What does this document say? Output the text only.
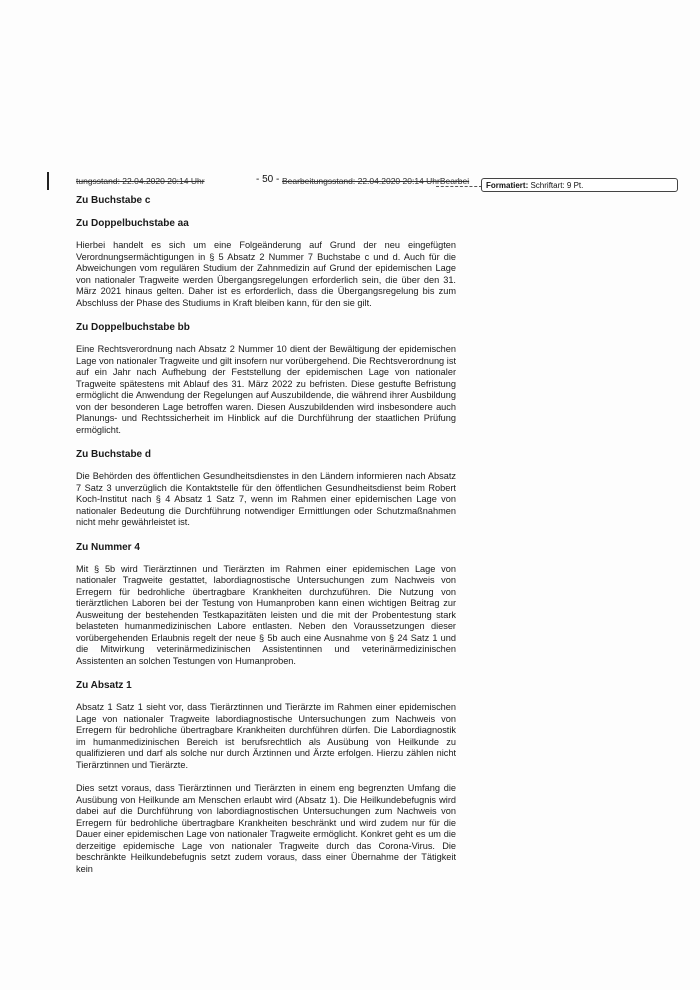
tungsstand: 22.04.2020 20:14 Uhr	- 50 - Bearbeitungsstand: 22.04.2020 20:14 UhrBearbei	Formatiert: Schriftart: 9 Pt.
Zu Buchstabe c
Zu Doppelbuchstabe aa

Hierbei handelt es sich um eine Folgeänderung auf Grund der neu eingefügten Verordnungsermächtigungen in § 5 Absatz 2 Nummer 7 Buchstabe c und d. Auch für die Abweichungen vom regulären Studium der Zahnmedizin auf Grund der epidemischen Lage von nationaler Tragweite werden Übergangsregelungen erforderlich sein, die über den 31. März 2021 hinaus gelten. Daher ist es erforderlich, dass die Übergangsregelung bis zum Abschluss der Phase des Studiums in Kraft bleiben kann, für den sie gilt.

Zu Doppelbuchstabe bb

Eine Rechtsverordnung nach Absatz 2 Nummer 10 dient der Bewältigung der epidemischen Lage von nationaler Tragweite und gilt insofern nur vorübergehend. Die Rechtsverordnung ist auf ein Jahr nach Aufhebung der Feststellung der epidemischen Lage von nationaler Tragweite spätestens mit Ablauf des 31. März 2022 zu befristen. Diese gestufte Befristung ermöglicht die Anwendung der Regelungen auf Auszubildende, die während ihrer Ausbildung von der besonderen Lage betroffen waren. Diesen Auszubildenden wird insbesondere auch Planungs- und Rechtssicherheit im Hinblick auf die Durchführung der staatlichen Prüfung ermöglicht.

Zu Buchstabe d

Die Behörden des öffentlichen Gesundheitsdienstes in den Ländern informieren nach Absatz 7 Satz 3 unverzüglich die Kontaktstelle für den öffentlichen Gesundheitsdienst beim Robert Koch-Institut nach § 4 Absatz 1 Satz 7, wenn im Rahmen einer epidemischen Lage von nationaler Bedeutung die Durchführung notwendiger Ermittlungen oder Schutzmaßnahmen nicht mehr gewährleistet ist.

Zu Nummer 4

Mit § 5b wird Tierärztinnen und Tierärzten im Rahmen einer epidemischen Lage von nationaler Tragweite gestattet, labordiagnostische Untersuchungen zum Nachweis von Erregern für bedrohliche übertragbare Krankheiten durchzuführen. Die Nutzung von tierärztlichen Laboren bei der Testung von Humanproben kann einen wichtigen Beitrag zur Ausweitung der bestehenden Testkapazitäten leisten und die mit der Probentestung stark belasteten humanmedizinischen Labore entlasten. Neben den Voraussetzungen dieser vorübergehenden Erlaubnis regelt der neue § 5b auch eine Ausnahme von § 24 Satz 1 und die Mitwirkung veterinärmedizinischen Assistentinnen und veterinärmedizinischen Assistenten an solchen Testungen von Humanproben.

Zu Absatz 1

Absatz 1 Satz 1 sieht vor, dass Tierärztinnen und Tierärzte im Rahmen einer epidemischen Lage von nationaler Tragweite labordiagnostische Untersuchungen zum Nachweis von Erregern für bedrohliche übertragbare Krankheiten durchführen dürfen. Die Labordiagnostik im humanmedizinischen Bereich ist berufsrechtlich als Ausübung von Heilkunde zu qualifizieren und darf als solche nur durch Ärztinnen und Ärzte erfolgen. Hierzu zählen nicht Tierärztinnen und Tierärzte.

Dies setzt voraus, dass Tierärztinnen und Tierärzten in einem eng begrenzten Umfang die Ausübung von Heilkunde am Menschen erlaubt wird (Absatz 1). Die Heilkundebefugnis wird dabei auf die Durchführung von labordiagnostischen Untersuchungen zum Nachweis von Erregern für bedrohliche übertragbare Krankheiten beschränkt und wird zudem nur für die Dauer einer epidemischen Lage von nationaler Tragweite ermöglicht. Konkret geht es um die derzeitige epidemische Lage von nationaler Tragweite durch das Corona-Virus. Die beschränkte Heilkundebefugnis setzt zudem voraus, dass einer Übernahme der Tätigkeit kein
